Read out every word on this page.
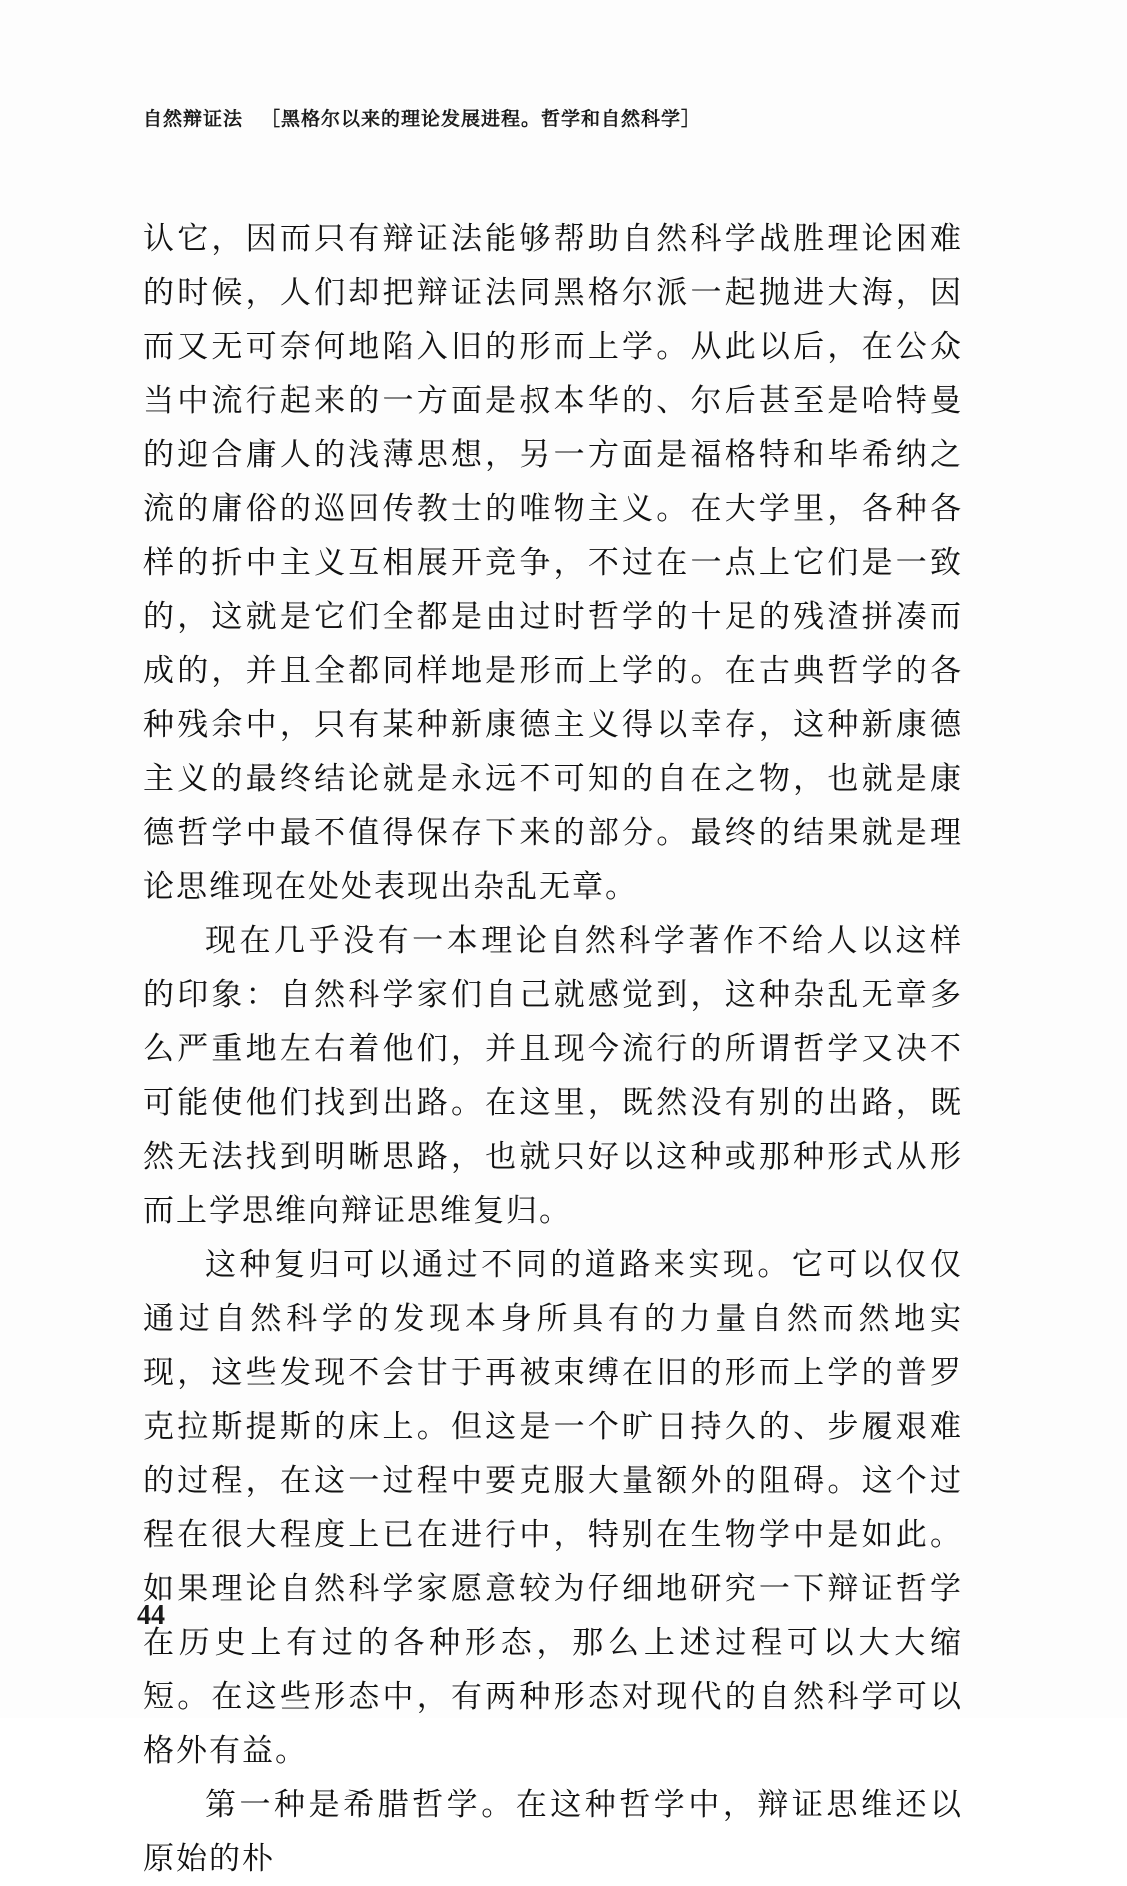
自然辩证法 ［黑格尔以来的理论发展进程。哲学和自然科学］

认它，因而只有辩证法能够帮助自然科学战胜理论困难的时候，人们却把辩证法同黑格尔派一起抛进大海，因而又无可奈何地陷入旧的形而上学。从此以后，在公众当中流行起来的一方面是叔本华的、尔后甚至是哈特曼的迎合庸人的浅薄思想，另一方面是福格特和毕希纳之流的庸俗的巡回传教士的唯物主义。在大学里，各种各样的折中主义互相展开竞争，不过在一点上它们是一致的，这就是它们全都是由过时哲学的十足的残渣拼凑而成的，并且全都同样地是形而上学的。在古典哲学的各种残余中，只有某种新康德主义得以幸存，这种新康德主义的最终结论就是永远不可知的自在之物，也就是康德哲学中最不值得保存下来的部分。最终的结果就是理论思维现在处处表现出杂乱无章。

现在几乎没有一本理论自然科学著作不给人以这样的印象：自然科学家们自己就感觉到，这种杂乱无章多么严重地左右着他们，并且现今流行的所谓哲学又决不可能使他们找到出路。在这里，既然没有别的出路，既然无法找到明晰思路，也就只好以这种或那种形式从形而上学思维向辩证思维复归。

这种复归可以通过不同的道路来实现。它可以仅仅通过自然科学的发现本身所具有的力量自然而然地实现，这些发现不会甘于再被束缚在旧的形而上学的普罗克拉斯提斯的床上。但这是一个旷日持久的、步履艰难的过程，在这一过程中要克服大量额外的阻碍。这个过程在很大程度上已在进行中，特别在生物学中是如此。如果理论自然科学家愿意较为仔细地研究一下辩证哲学在历史上有过的各种形态，那么上述过程可以大大缩短。在这些形态中，有两种形态对现代的自然科学可以格外有益。

第一种是希腊哲学。在这种哲学中，辩证思维还以原始的朴

44
